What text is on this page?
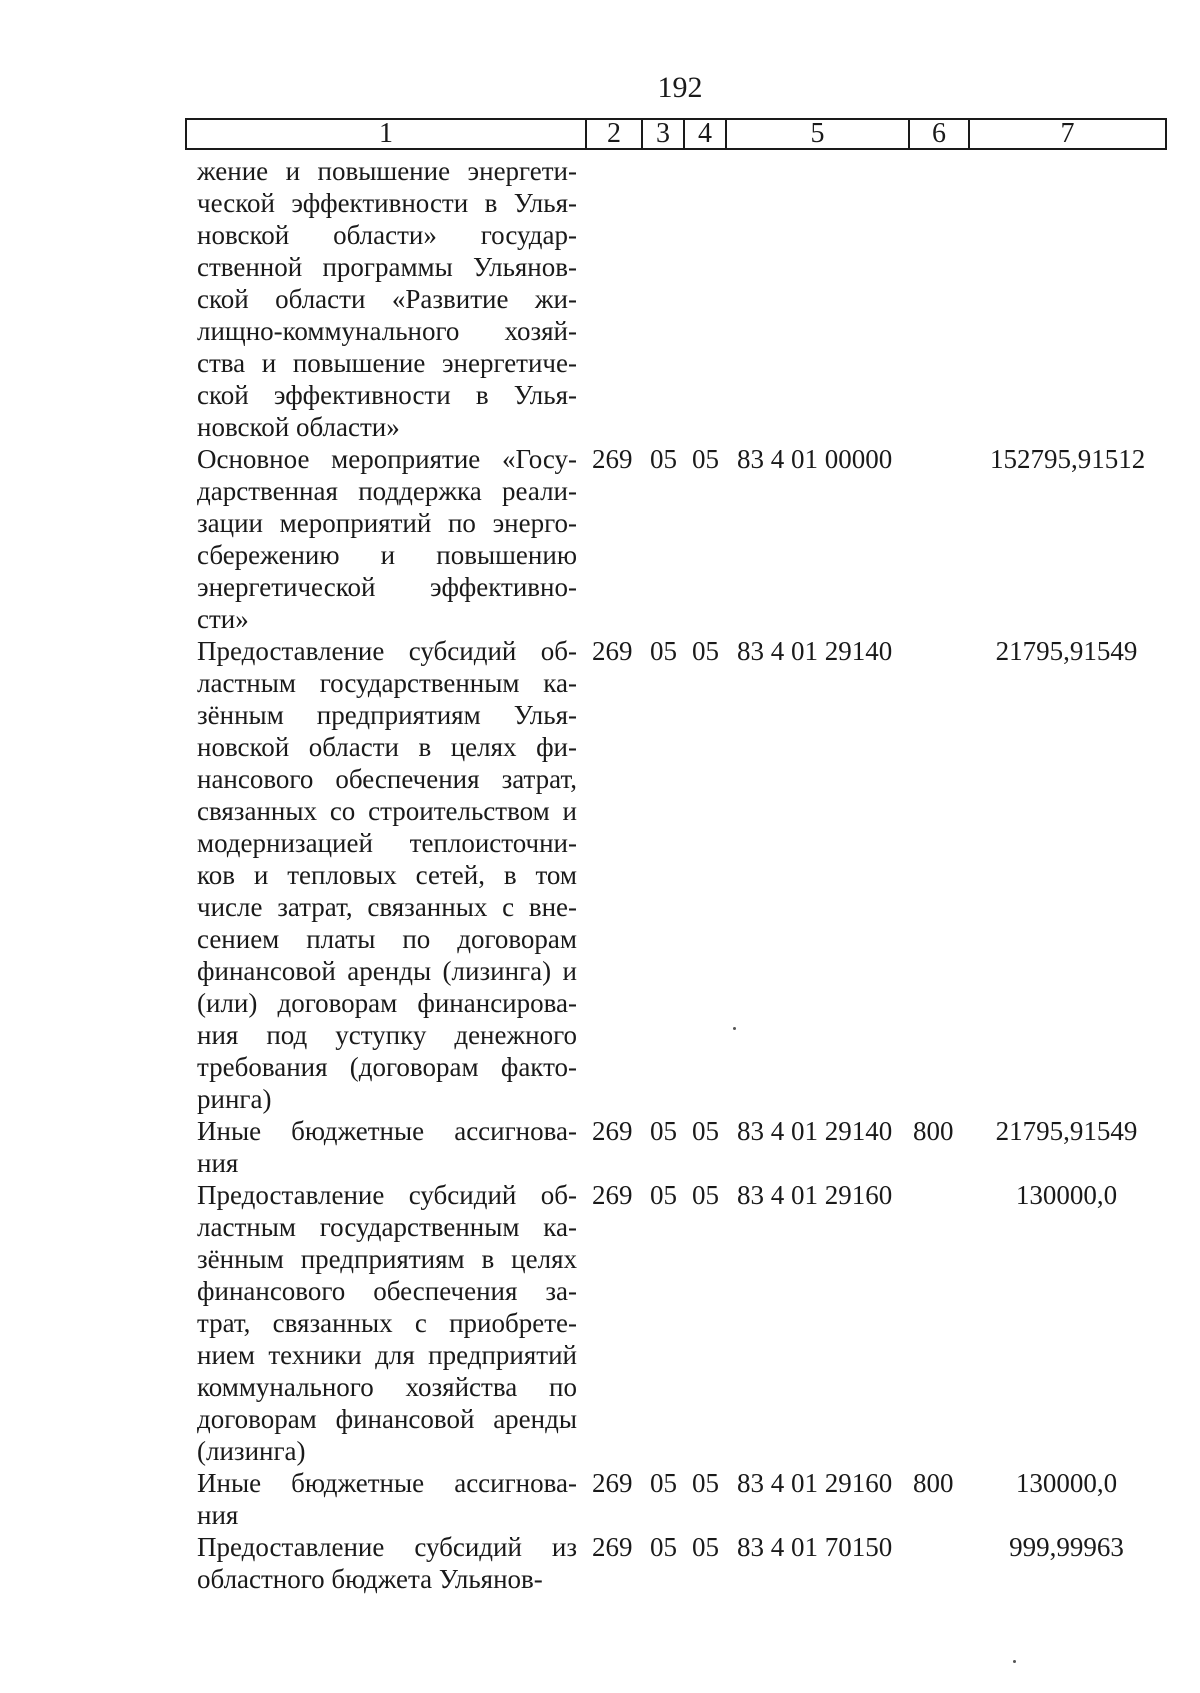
192
1	2	3	4	5	6	7
жение и повышение энергети-
ческой эффективности в Улья-
новской области» государ-
ственной программы Ульянов-
ской области «Развитие жи-
лищно-коммунального хозяй-
ства и повышение энергетиче-
ской эффективности в Улья-
новской области»
Основное мероприятие «Госу-
дарственная поддержка реали-
зации мероприятий по энерго-
сбережению и повышению
энергетической эффективно-
сти»
269 05 05 83 4 01 00000	152795,91512
Предоставление субсидий об-
ластным государственным ка-
зённым предприятиям Улья-
новской области в целях фи-
нансового обеспечения затрат,
связанных со строительством и
модернизацией теплоисточни-
ков и тепловых сетей, в том
числе затрат, связанных с вне-
сением платы по договорам
финансовой аренды (лизинга) и
(или) договорам финансирова-
ния под уступку денежного
требования (договорам факто-
ринга)
269 05 05 83 4 01 29140	21795,91549
Иные бюджетные ассигнова-
ния
269 05 05 83 4 01 29140 800 21795,91549
Предоставление субсидий об-
ластным государственным ка-
зённым предприятиям в целях
финансового обеспечения за-
трат, связанных с приобрете-
нием техники для предприятий
коммунального хозяйства по
договорам финансовой аренды
(лизинга)
269 05 05 83 4 01 29160	130000,0
Иные бюджетные ассигнова-
ния
269 05 05 83 4 01 29160 800	130000,0
Предоставление субсидий из
областного бюджета Ульянов-
269 05 05 83 4 01 70150	999,99963
